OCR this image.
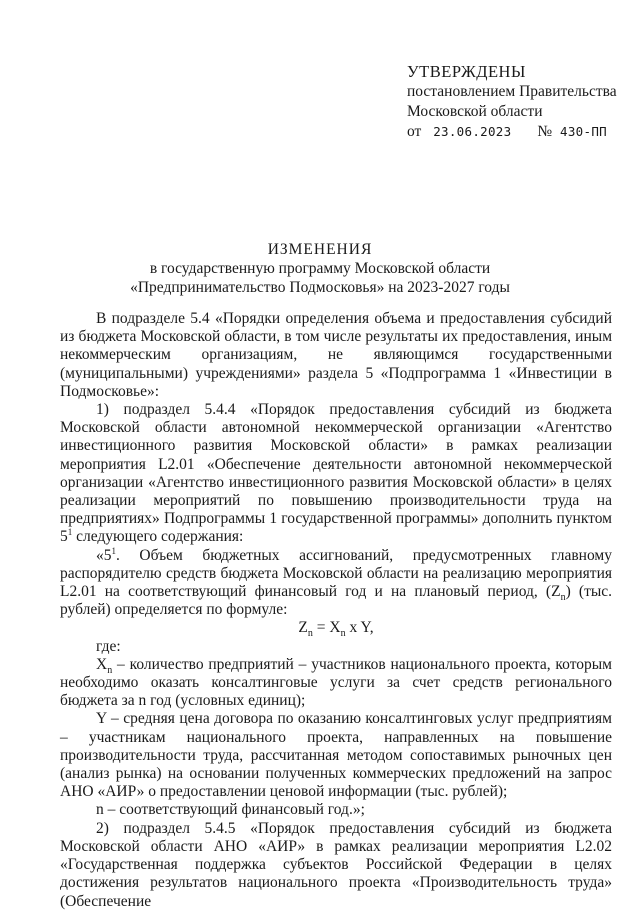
УТВЕРЖДЕНЫ
постановлением Правительства
Московской области
от 23.06.2023 № 430-ПП
ИЗМЕНЕНИЯ
в государственную программу Московской области
«Предпринимательство Подмосковья» на 2023-2027 годы

В подразделе 5.4 «Порядки определения объема и предоставления субсидий из бюджета Московской области, в том числе результаты их предоставления, иным некоммерческим организациям, не являющимся государственными (муниципальными) учреждениями» раздела 5 «Подпрограмма 1 «Инвестиции в Подмосковье»:

1) подраздел 5.4.4 «Порядок предоставления субсидий из бюджета Московской области автономной некоммерческой организации «Агентство инвестиционного развития Московской области» в рамках реализации мероприятия L2.01 «Обеспечение деятельности автономной некоммерческой организации «Агентство инвестиционного развития Московской области» в целях реализации мероприятий по повышению производительности труда на предприятиях» Подпрограммы 1 государственной программы» дополнить пунктом $5^1$ следующего содержания:

«$5^1$. Объем бюджетных ассигнований, предусмотренных главному распорядителю средств бюджета Московской области на реализацию мероприятия L2.01 на соответствующий финансовый год и на плановый период, $(Z_n)$ (тыс. рублей) определяется по формуле:

$Z_n = X_n$ x Y,

где:

$X_n$ – количество предприятий – участников национального проекта, которым необходимо оказать консалтинговые услуги за счет средств регионального бюджета за n год (условных единиц);

Y – средняя цена договора по оказанию консалтинговых услуг предприятиям – участникам национального проекта, направленных на повышение производительности труда, рассчитанная методом сопоставимых рыночных цен (анализ рынка) на основании полученных коммерческих предложений на запрос АНО «АИР» о предоставлении ценовой информации (тыс. рублей);

n – соответствующий финансовый год.»;

2) подраздел 5.4.5 «Порядок предоставления субсидий из бюджета Московской области АНО «АИР» в рамках реализации мероприятия L2.02 «Государственная поддержка субъектов Российской Федерации в целях достижения результатов национального проекта «Производительность труда» (Обеспечение
